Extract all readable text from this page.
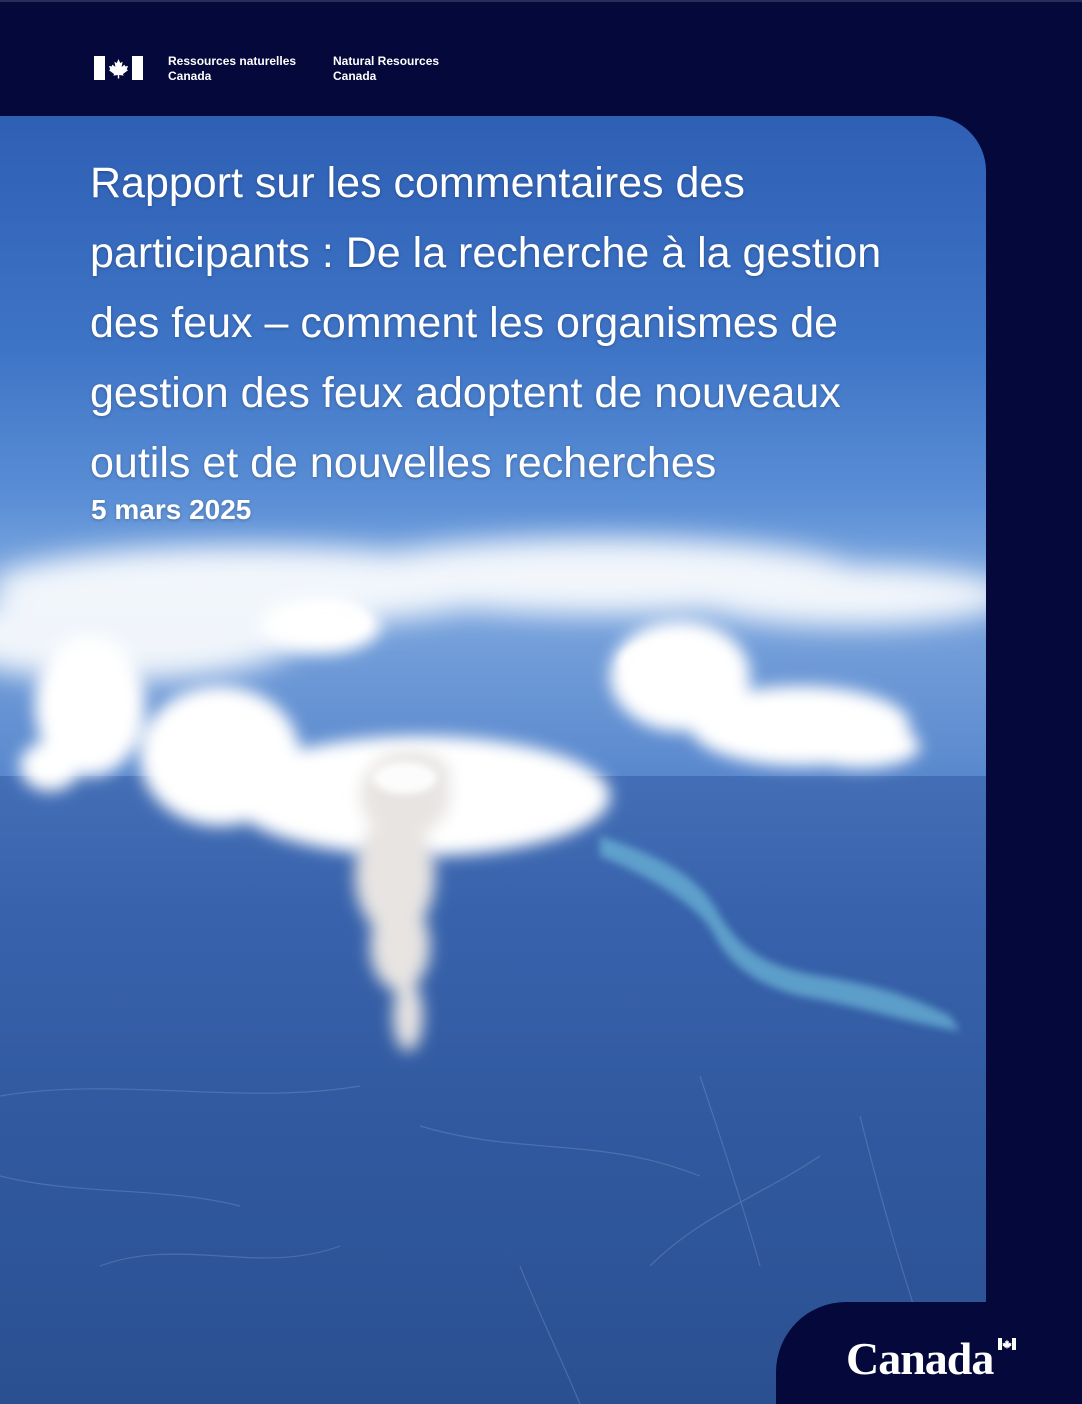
Ressources naturelles
Canada
Natural Resources
Canada
Rapport sur les commentaires des
participants : De la recherche à la gestion
des feux – comment les organismes de
gestion des feux adoptent de nouveaux
outils et de nouvelles recherches
5 mars 2025
Canada
